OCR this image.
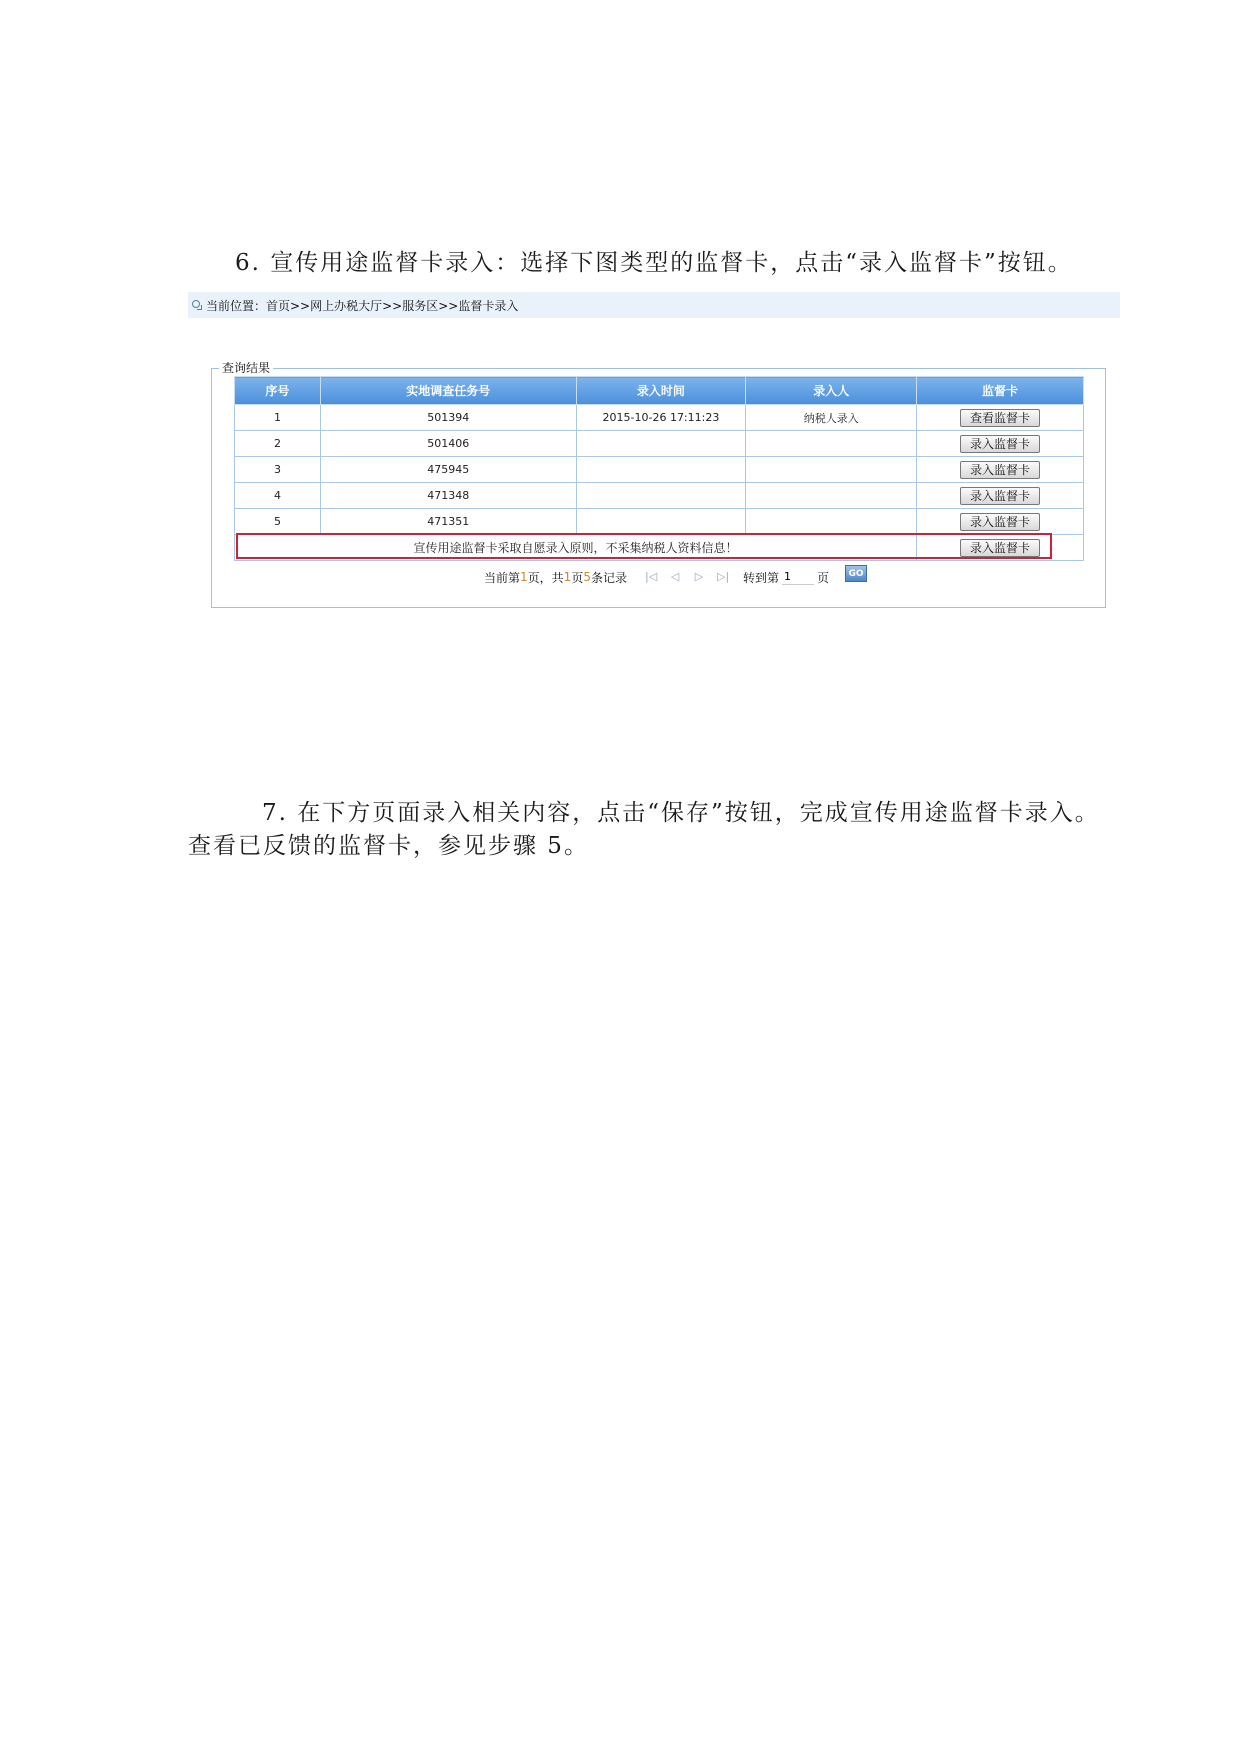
6. 宣传用途监督卡录入：选择下图类型的监督卡，点击“录入监督卡”按钮。
当前位置：首页>>网上办税大厅>>服务区>>监督卡录入
查询结果
序号	实地调查任务号	录入时间	录入人	监督卡
1	501394	2015-10-26 17:11:23	纳税人录入	查看监督卡
2	501406			录入监督卡
3	475945			录入监督卡
4	471348			录入监督卡
5	471351			录入监督卡
宣传用途监督卡采取自愿录入原则，不采集纳税人资料信息！				录入监督卡
当前第 1 页，共 1 页 5 条记录 |◁ ◁ ▷ ▷| 转到第
1	页	GO
7. 在下方页面录入相关内容，点击“保存”按钮，完成宣传用途监督卡录入。
查看已反馈的监督卡，参见步骤 5。
